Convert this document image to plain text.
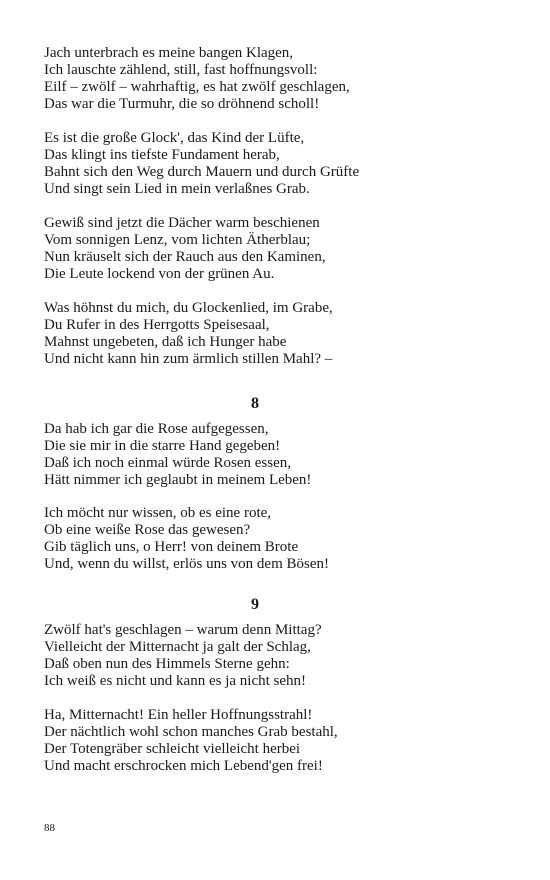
Jach unterbrach es meine bangen Klagen,
Ich lauschte zählend, still, fast hoffnungsvoll:
Eilf – zwölf – wahrhaftig, es hat zwölf geschlagen,
Das war die Turmuhr, die so dröhnend scholl!
Es ist die große Glock', das Kind der Lüfte,
Das klingt ins tiefste Fundament herab,
Bahnt sich den Weg durch Mauern und durch Grüfte
Und singt sein Lied in mein verlaßnes Grab.
Gewiß sind jetzt die Dächer warm beschienen
Vom sonnigen Lenz, vom lichten Ätherblau;
Nun kräuselt sich der Rauch aus den Kaminen,
Die Leute lockend von der grünen Au.
Was höhnst du mich, du Glockenlied, im Grabe,
Du Rufer in des Herrgotts Speisesaal,
Mahnst ungebeten, daß ich Hunger habe
Und nicht kann hin zum ärmlich stillen Mahl? –
8
Da hab ich gar die Rose aufgegessen,
Die sie mir in die starre Hand gegeben!
Daß ich noch einmal würde Rosen essen,
Hätt nimmer ich geglaubt in meinem Leben!
Ich möcht nur wissen, ob es eine rote,
Ob eine weiße Rose das gewesen?
Gib täglich uns, o Herr! von deinem Brote
Und, wenn du willst, erlös uns von dem Bösen!
9
Zwölf hat's geschlagen – warum denn Mittag?
Vielleicht der Mitternacht ja galt der Schlag,
Daß oben nun des Himmels Sterne gehn:
Ich weiß es nicht und kann es ja nicht sehn!
Ha, Mitternacht! Ein heller Hoffnungsstrahl!
Der nächtlich wohl schon manches Grab bestahl,
Der Totengräber schleicht vielleicht herbei
Und macht erschrocken mich Lebend'gen frei!
88
